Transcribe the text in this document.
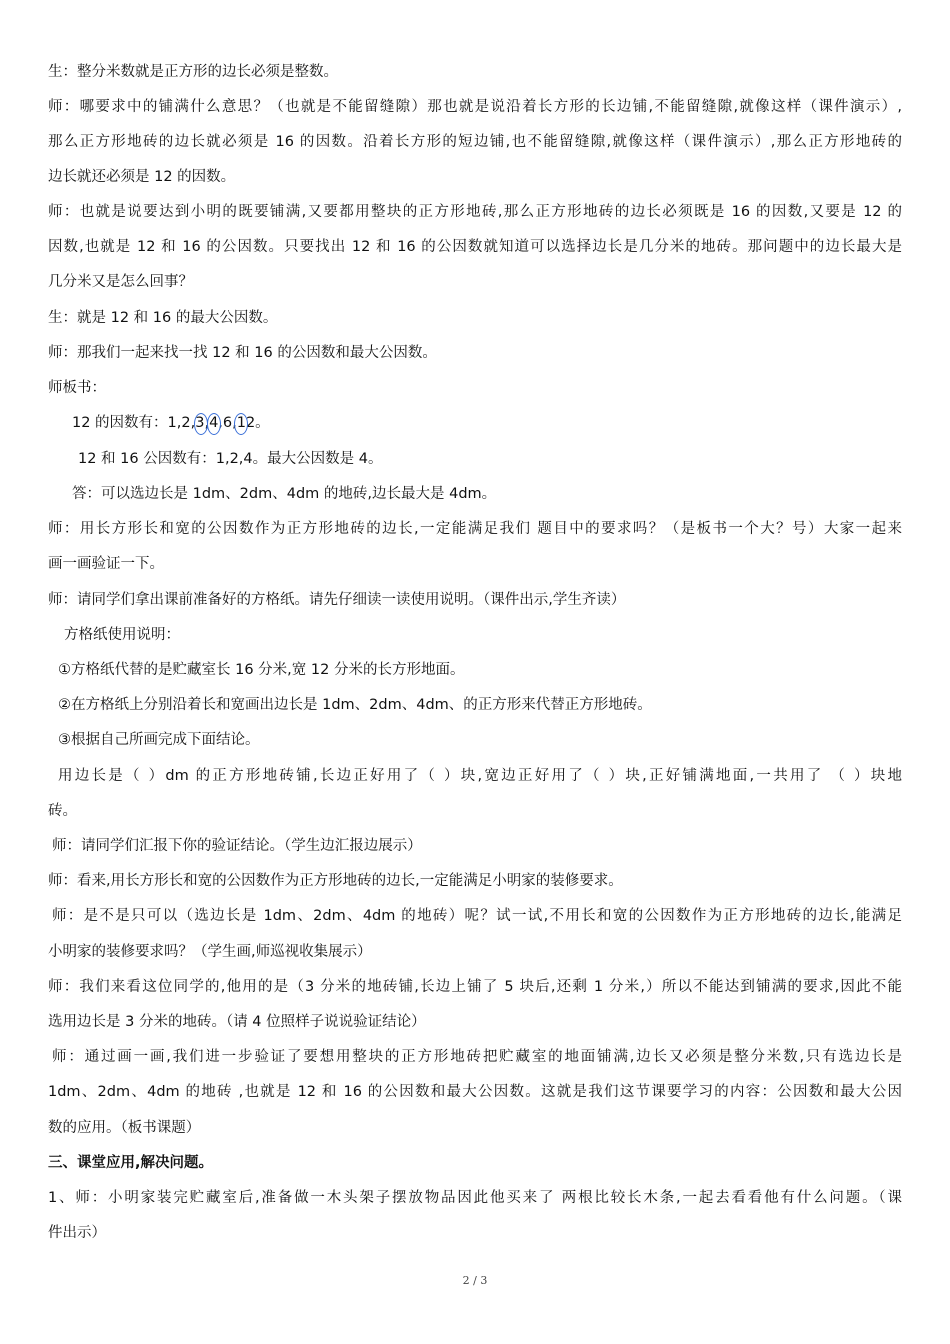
生：整分米数就是正方形的边长必须是整数。
师：哪要求中的铺满什么意思？（也就是不能留缝隙）那也就是说沿着长方形的长边铺,不能留缝隙,就像这样（课件演示）,
那么正方形地砖的边长就必须是 16 的因数。沿着长方形的短边铺,也不能留缝隙,就像这样（课件演示）,那么正方形地砖的
边长就还必须是 12 的因数。
师：也就是说要达到小明的既要铺满,又要都用整块的正方形地砖,那么正方形地砖的边长必须既是 16 的因数,又要是 12 的
因数,也就是 12 和 16 的公因数。只要找出 12 和 16 的公因数就知道可以选择边长是几分米的地砖。那问题中的边长最大是
几分米又是怎么回事？
生：就是 12 和 16 的最大公因数。
师：那我们一起来找一找 12 和 16 的公因数和最大公因数。
师板书：
12 的因数有：1,2,3,4,6,12。
12 和 16 公因数有：1,2,4。最大公因数是 4。
答：可以选边长是 1dm、2dm、4dm 的地砖,边长最大是 4dm。
师：用长方形长和宽的公因数作为正方形地砖的边长,一定能满足我们 题目中的要求吗？（是板书一个大？号）大家一起来
画一画验证一下。
师：请同学们拿出课前准备好的方格纸。请先仔细读一读使用说明。（课件出示,学生齐读）
方格纸使用说明：
①方格纸代替的是贮藏室长 16 分米,宽 12 分米的长方形地面。
②在方格纸上分别沿着长和宽画出边长是 1dm、2dm、4dm、的正方形来代替正方形地砖。
③根据自己所画完成下面结论。
用边长是（ ）dm 的正方形地砖铺,长边正好用了（ ）块,宽边正好用了（ ）块,正好铺满地面,一共用了 （ ）块地
砖。
师：请同学们汇报下你的验证结论。（学生边汇报边展示）
师：看来,用长方形长和宽的公因数作为正方形地砖的边长,一定能满足小明家的装修要求。
师：是不是只可以（选边长是 1dm、2dm、4dm 的地砖）呢？试一试,不用长和宽的公因数作为正方形地砖的边长,能满足
小明家的装修要求吗？（学生画,师巡视收集展示）
师：我们来看这位同学的,他用的是（3 分米的地砖铺,长边上铺了 5 块后,还剩 1 分米,）所以不能达到铺满的要求,因此不能
选用边长是 3 分米的地砖。（请 4 位照样子说说验证结论）
师：通过画一画,我们进一步验证了要想用整块的正方形地砖把贮藏室的地面铺满,边长又必须是整分米数,只有选边长是
1dm、2dm、4dm 的地砖 ,也就是 12 和 16 的公因数和最大公因数。这就是我们这节课要学习的内容：公因数和最大公因
数的应用。（板书课题）
三、课堂应用,解决问题。
1、师：小明家装完贮藏室后,准备做一木头架子摆放物品因此他买来了 两根比较长木条,一起去看看他有什么问题。（课
件出示）
2 / 3
